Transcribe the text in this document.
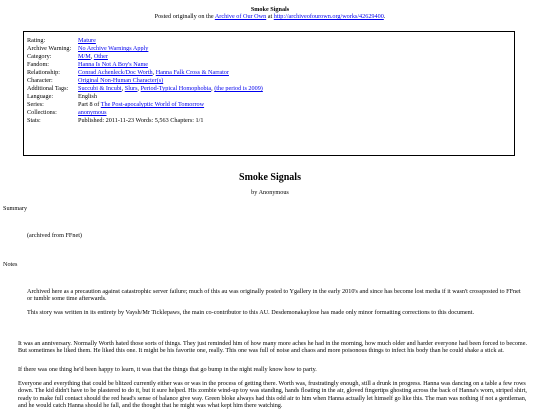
Smoke Signals
Posted originally on the Archive of Our Own at http://archiveofourown.org/works/42629400.
Rating:	Mature
Archive Warning: No Archive Warnings Apply
Category:	M/M, Other
Fandom:	Hanna Is Not A Boy's Name
Relationship:	Conrad Achenleck/Doc Worth, Hanna Falk Cross & Narrator
Character:	Original Non-Human Character(s)
Additional Tags: Succubi & Incubi, Slurs, Period-Typical Homophobia, (the period is 2009)
Language:	English
Series:	Part 8 of The Post-apocalyptic World of Tomorrow
Collections:	anonymous
Stats:	Published: 2011-11-23 Words: 5,563 Chapters: 1/1
Smoke Signals
by Anonymous
Summary
(archived from FFnet)
Notes
Archived here as a precaution against catastrophic server failure; much of this au was originally posted to Ygallery in the early 2010's and since has become lost media if it wasn't crossposted to FFnet or tumblr some time afterwards.
This story was written in its entirety by Vaysh/Mr Ticklepaws, the main co-contributor to this AU. Desdemonakaylose has made only minor formatting corrections to this document.
It was an anniversary. Normally Worth hated those sorts of things. They just reminded him of how many more aches he had in the morning, how much older and harder everyone had been forced to become. But sometimes he liked them. He liked this one. It might be his favorite one, really. This one was full of noise and chaos and more poisonous things to infect his body than he could shake a stick at.
If there was one thing he'd been happy to learn, it was that the things that go bump in the night really know how to party.
Everyone and everything that could be blitzed currently either was or was in the process of getting there. Worth was, frustratingly enough, still a drunk in progress. Hanna was dancing on a table a few rows down. The kid didn't have to be plastered to do it, but it sure helped. His zombie wind-up toy was standing, hands floating in the air, gloved fingertips ghosting across the back of Hanna's worn, striped shirt, ready to make full contact should the red head's sense of balance give way. Green bloke always had this odd air to him when Hanna actually let himself go like this. The man was nothing if not a gentleman, and he would catch Hanna should he fall, and the thought that he might was what kept him there watching.
